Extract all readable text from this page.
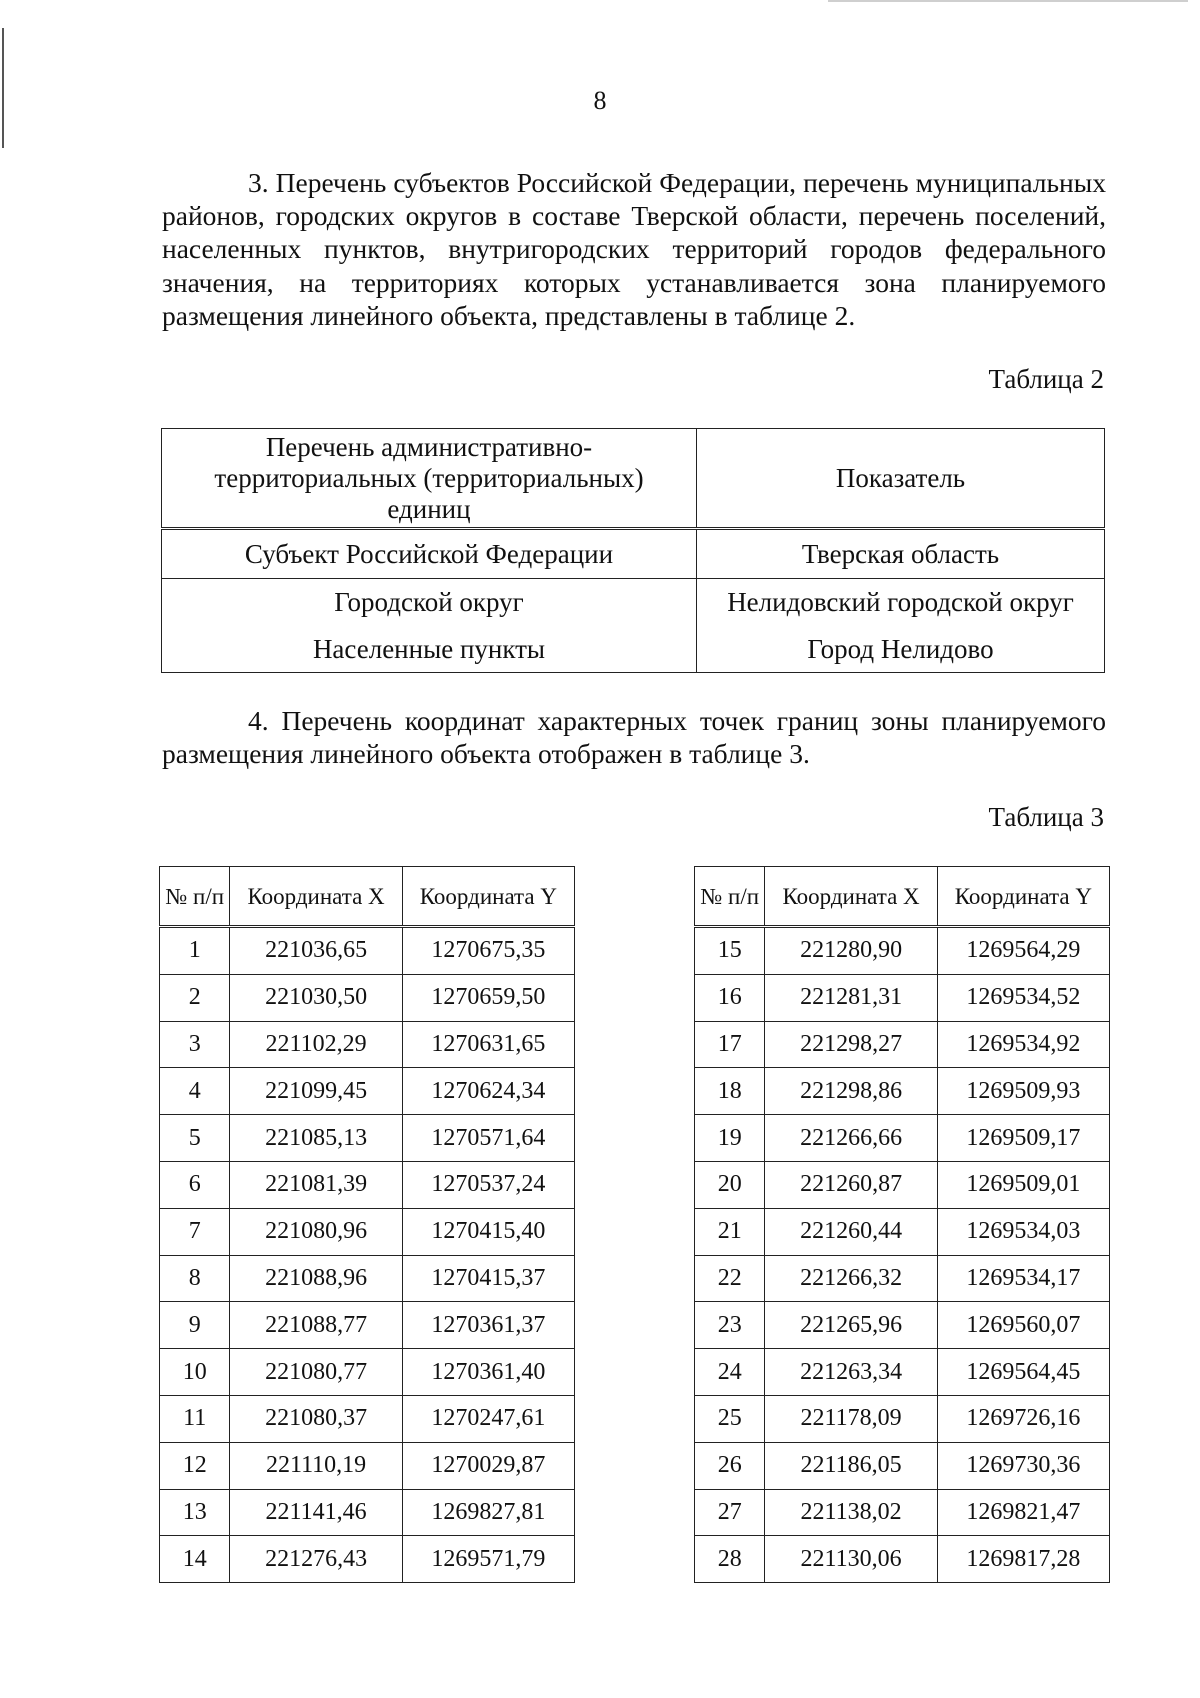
8

3. Перечень субъектов Российской Федерации, перечень муниципальных районов, городских округов в составе Тверской области, перечень поселений, населенных пунктов, внутригородских территорий городов федерального значения, на территориях которых устанавливается зона планируемого размещения линейного объекта, представлены в таблице 2.

Таблица 2

Перечень административно-территориальных (территориальных) единиц	Показатель
Субъект Российской Федерации	Тверская область
Городской округ	Нелидовский городской округ
Населенные пункты	Город Нелидово

4. Перечень координат характерных точек границ зоны планируемого размещения линейного объекта отображен в таблице 3.

Таблица 3

№ п/п	Координата X	Координата Y
1	221036,65	1270675,35
2	221030,50	1270659,50
3	221102,29	1270631,65
4	221099,45	1270624,34
5	221085,13	1270571,64
6	221081,39	1270537,24
7	221080,96	1270415,40
8	221088,96	1270415,37
9	221088,77	1270361,37
10	221080,77	1270361,40
11	221080,37	1270247,61
12	221110,19	1270029,87
13	221141,46	1269827,81
14	221276,43	1269571,79
№ п/п	Координата X	Координата Y
15	221280,90	1269564,29
16	221281,31	1269534,52
17	221298,27	1269534,92
18	221298,86	1269509,93
19	221266,66	1269509,17
20	221260,87	1269509,01
21	221260,44	1269534,03
22	221266,32	1269534,17
23	221265,96	1269560,07
24	221263,34	1269564,45
25	221178,09	1269726,16
26	221186,05	1269730,36
27	221138,02	1269821,47
28	221130,06	1269817,28
